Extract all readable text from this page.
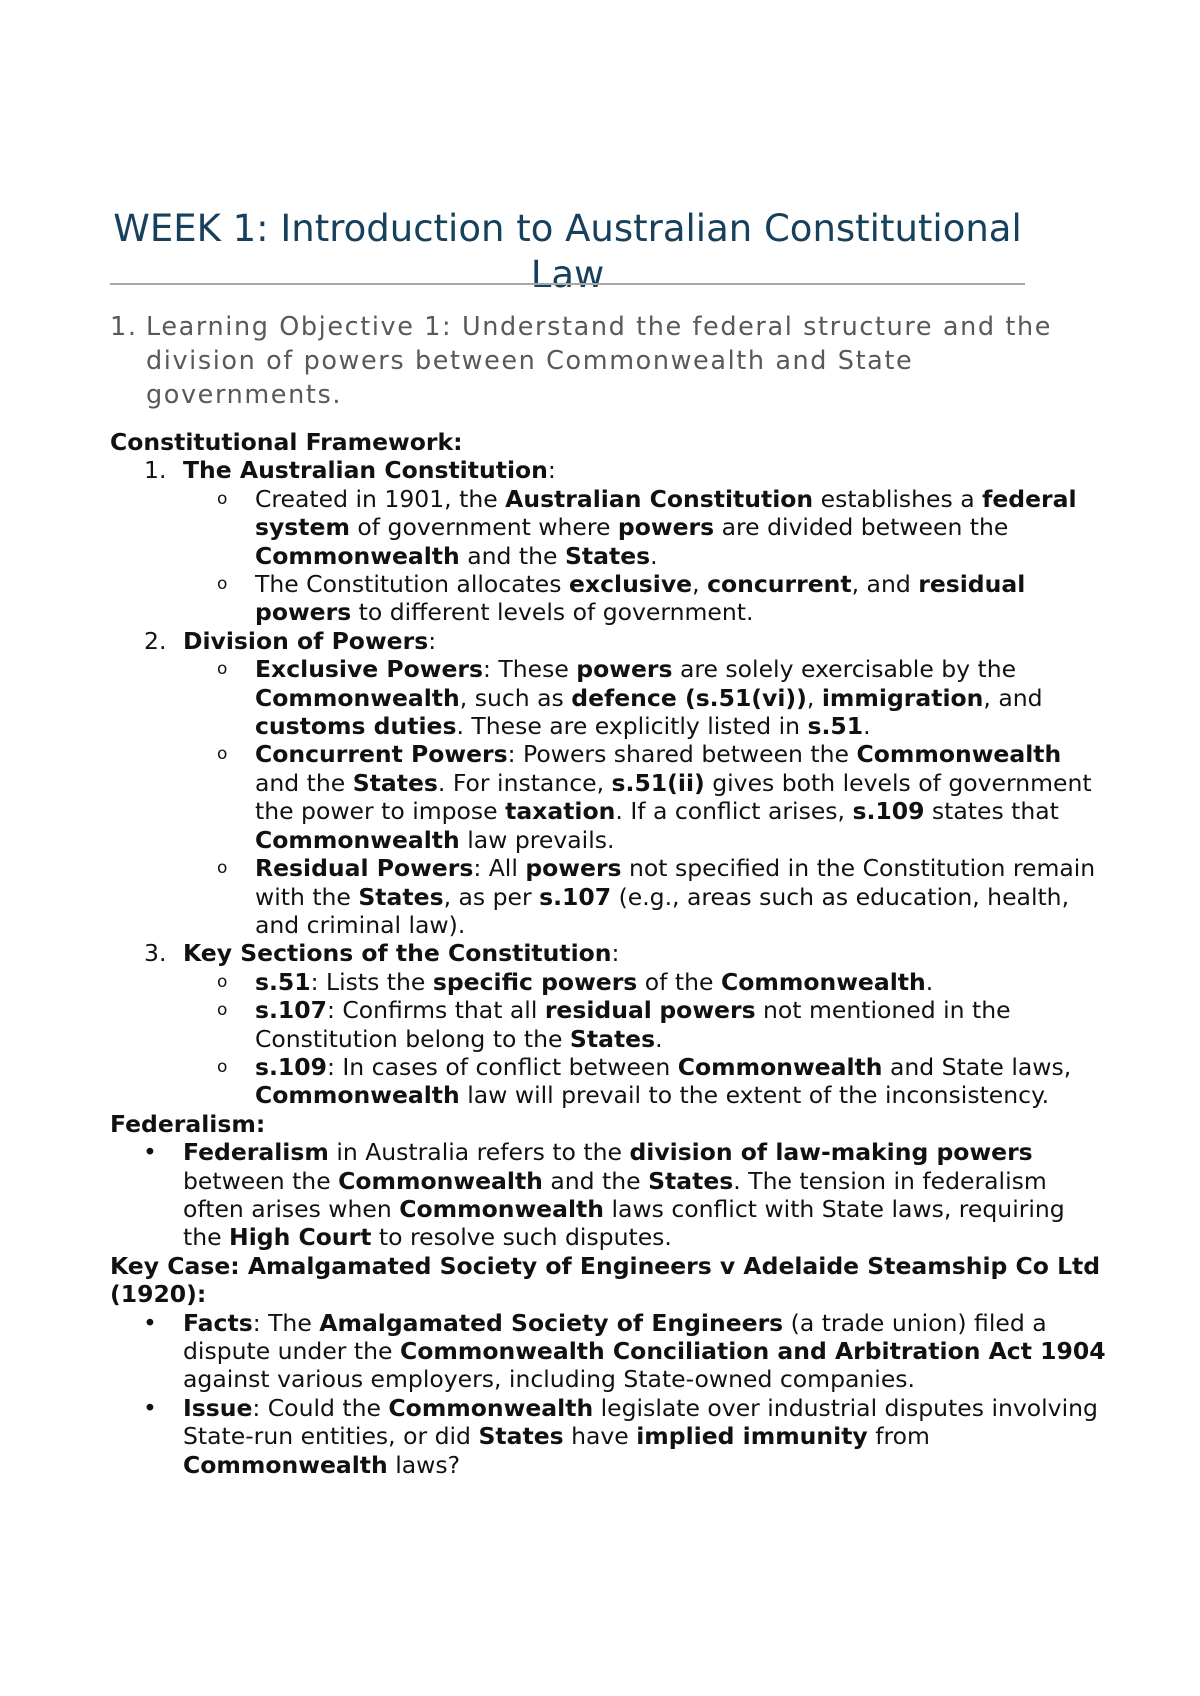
WEEK 1: Introduction to Australian Constitutional Law
1. Learning Objective 1: Understand the federal structure and the division of powers between Commonwealth and State governments.
Constitutional Framework:
1. The Australian Constitution:
o Created in 1901, the Australian Constitution establishes a federal system of government where powers are divided between the Commonwealth and the States.
o The Constitution allocates exclusive, concurrent, and residual powers to different levels of government.
2. Division of Powers:
o Exclusive Powers: These powers are solely exercisable by the Commonwealth, such as defence (s.51(vi)), immigration, and customs duties. These are explicitly listed in s.51.
o Concurrent Powers: Powers shared between the Commonwealth and the States. For instance, s.51(ii) gives both levels of government the power to impose taxation. If a conflict arises, s.109 states that Commonwealth law prevails.
o Residual Powers: All powers not specified in the Constitution remain with the States, as per s.107 (e.g., areas such as education, health, and criminal law).
3. Key Sections of the Constitution:
o s.51: Lists the specific powers of the Commonwealth.
o s.107: Confirms that all residual powers not mentioned in the Constitution belong to the States.
o s.109: In cases of conflict between Commonwealth and State laws, Commonwealth law will prevail to the extent of the inconsistency.
Federalism:
• Federalism in Australia refers to the division of law-making powers between the Commonwealth and the States. The tension in federalism often arises when Commonwealth laws conflict with State laws, requiring the High Court to resolve such disputes.
Key Case: Amalgamated Society of Engineers v Adelaide Steamship Co Ltd (1920):
• Facts: The Amalgamated Society of Engineers (a trade union) filed a dispute under the Commonwealth Conciliation and Arbitration Act 1904 against various employers, including State-owned companies.
• Issue: Could the Commonwealth legislate over industrial disputes involving State-run entities, or did States have implied immunity from Commonwealth laws?
